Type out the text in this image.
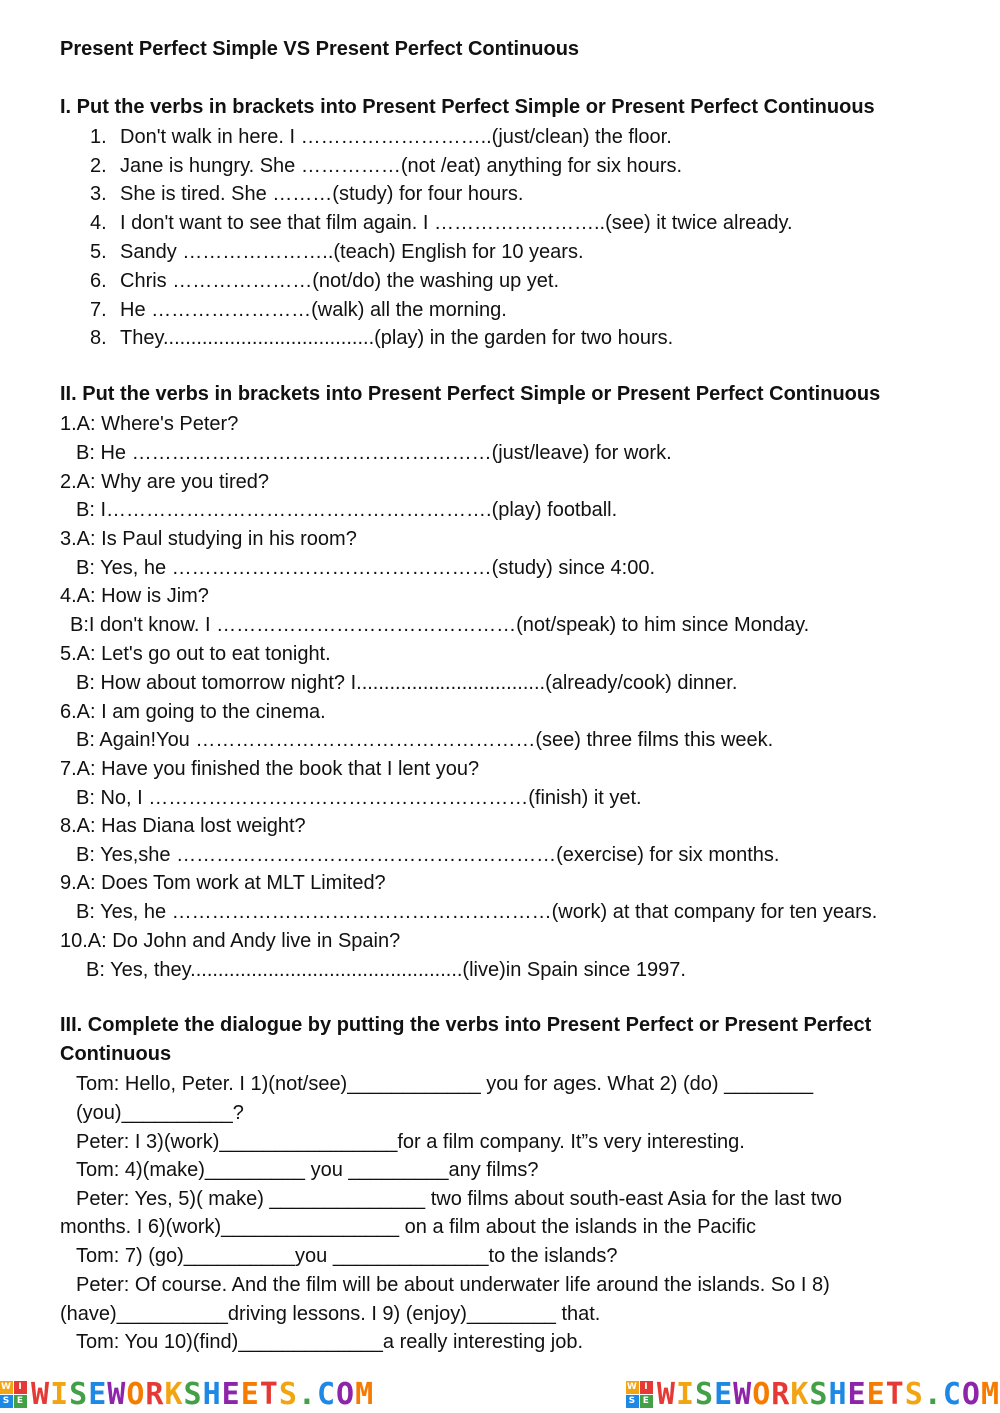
Present Perfect Simple VS Present Perfect Continuous
I. Put the verbs in brackets into Present Perfect Simple or Present Perfect Continuous
1. Don't walk in here. I ………………………..(just/clean) the floor.
2. Jane is hungry. She ……………(not /eat) anything for six hours.
3. She is tired. She ………(study) for four hours.
4. I don't want to see that film again. I ……………………..(see) it twice already.
5. Sandy …………………..(teach) English for 10 years.
6. Chris …………………(not/do) the washing up yet.
7. He ……………………(walk) all the morning.
8. They......................................(play) in the garden for two hours.
II. Put the verbs in brackets into Present Perfect Simple or Present Perfect Continuous
1.A: Where's Peter?
B: He ………………………………………………(just/leave) for work.
2.A: Why are you tired?
B: I………………………………………………….(play) football.
3.A: Is Paul studying in his room?
B: Yes, he …………………………………………(study) since 4:00.
4.A: How is Jim?
B:I don't know. I ………………………………………(not/speak) to him since Monday.
5.A: Let's go out to eat tonight.
B: How about tomorrow night? I..................................(already/cook) dinner.
6.A: I am going to the cinema.
B: Again!You ……………………………………………(see) three films this week.
7.A: Have you finished the book that I lent you?
B: No, I …………………………………………………(finish) it yet.
8.A: Has Diana lost weight?
B: Yes,she …………………………………………………(exercise) for six months.
9.A: Does Tom work at MLT Limited?
B: Yes, he …………………………………………………(work) at that company for ten years.
10.A: Do John and Andy live in Spain?
B: Yes, they.................................................(live)in Spain since 1997.
III. Complete the dialogue by putting the verbs into Present Perfect or Present Perfect
Continuous
Tom: Hello, Peter. I 1)(not/see)____________ you for ages. What 2) (do) ________
(you)__________?
Peter: I 3)(work)________________for a film company. It”s very interesting.
Tom: 4)(make)_________ you _________any films?
Peter: Yes, 5)( make) ______________ two films about south-east Asia for the last two
months. I 6)(work)________________ on a film about the islands in the Pacific
Tom: 7) (go)__________you ______________to the islands?
Peter: Of course. And the film will be about underwater life around the islands. So I 8)
(have)__________driving lessons. I 9) (enjoy)________ that.
Tom: You 10)(find)_____________a really interesting job.
W I
S E WISEWORKSHEETS.COM	W I
S E WISEWORKSHEETS.COM
